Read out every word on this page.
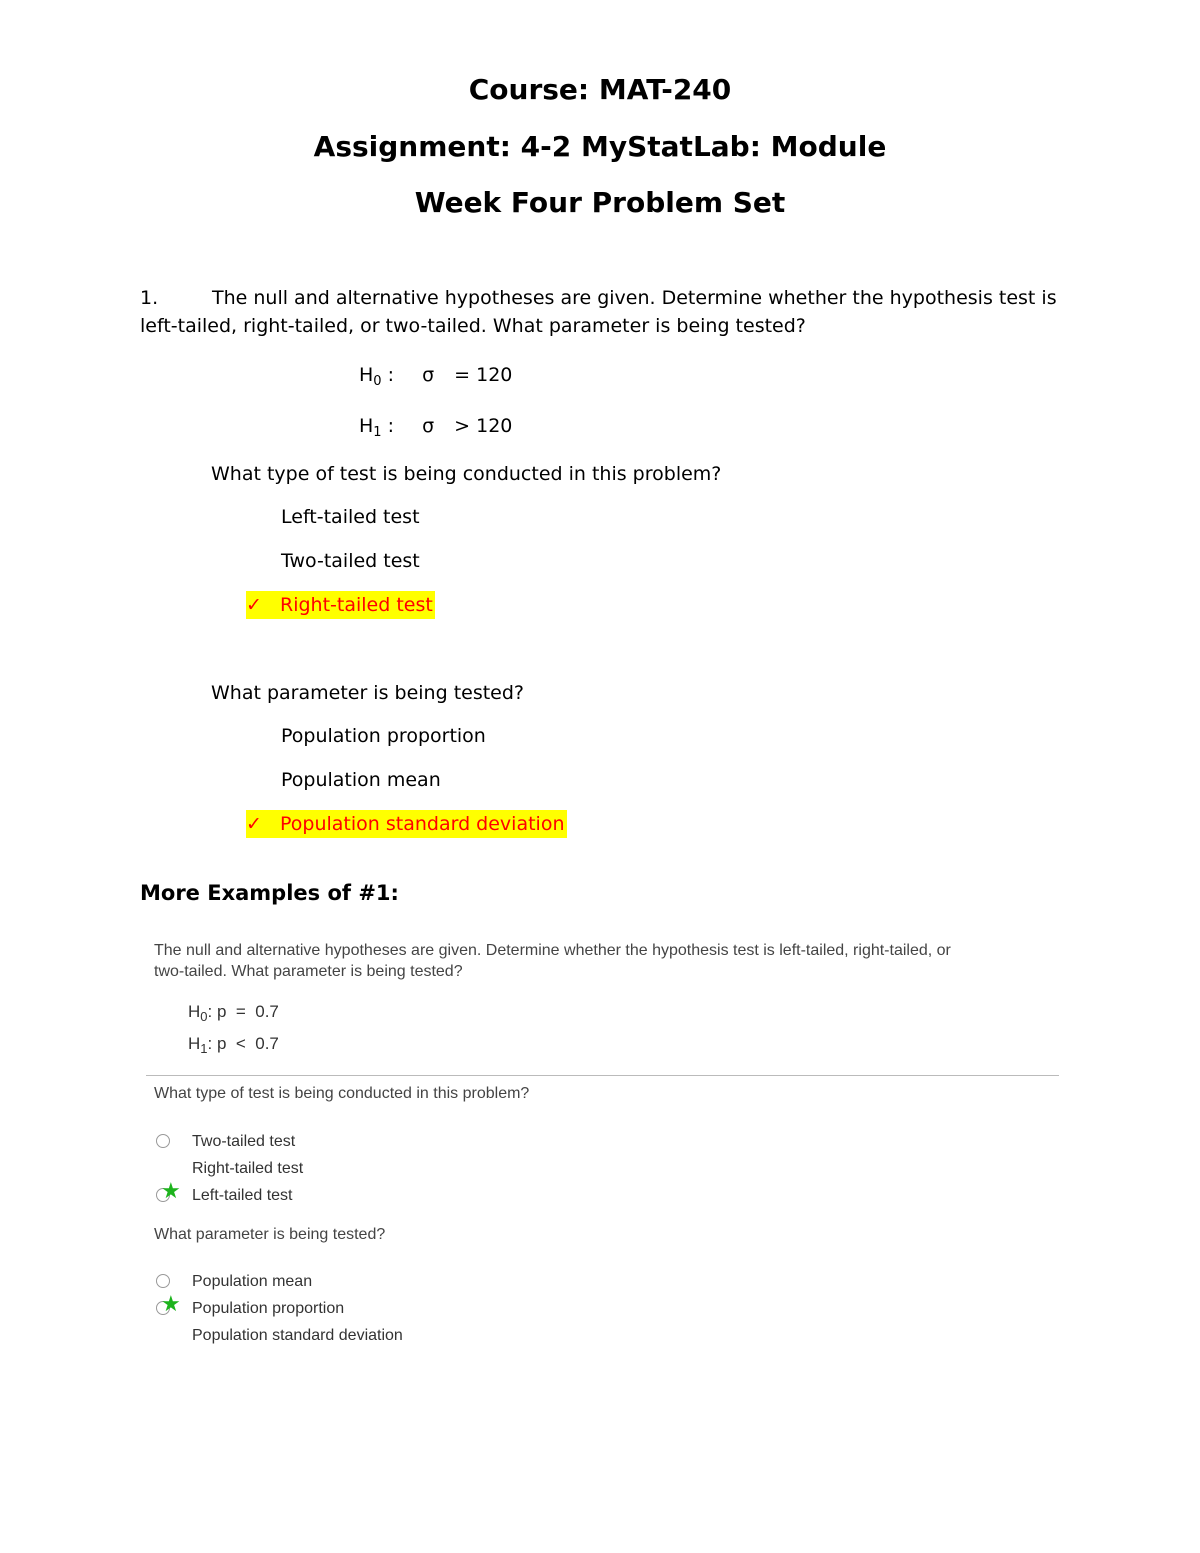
Course: MAT-240
Assignment: 4-2 MyStatLab: Module
Week Four Problem Set
1.	The null and alternative hypotheses are given. Determine whether the hypothesis test is left-tailed, right-tailed, or two-tailed. What parameter is being tested?
$H_0$ : σ = 120
$H_1$ : σ > 120
What type of test is being conducted in this problem?
Left-tailed test
Two-tailed test
✓ Right-tailed test
What parameter is being tested?
Population proportion
Population mean
✓ Population standard deviation
More Examples of #1:
The null and alternative hypotheses are given. Determine whether the hypothesis test is left-tailed, right-tailed, or
two-tailed. What parameter is being tested?
$H_0$: p  =  0.7
$H_1$: p  <  0.7
What type of test is being conducted in this problem?
Two-tailed test
Right-tailed test
★ Left-tailed test
What parameter is being tested?
Population mean
★ Population proportion
Population standard deviation
